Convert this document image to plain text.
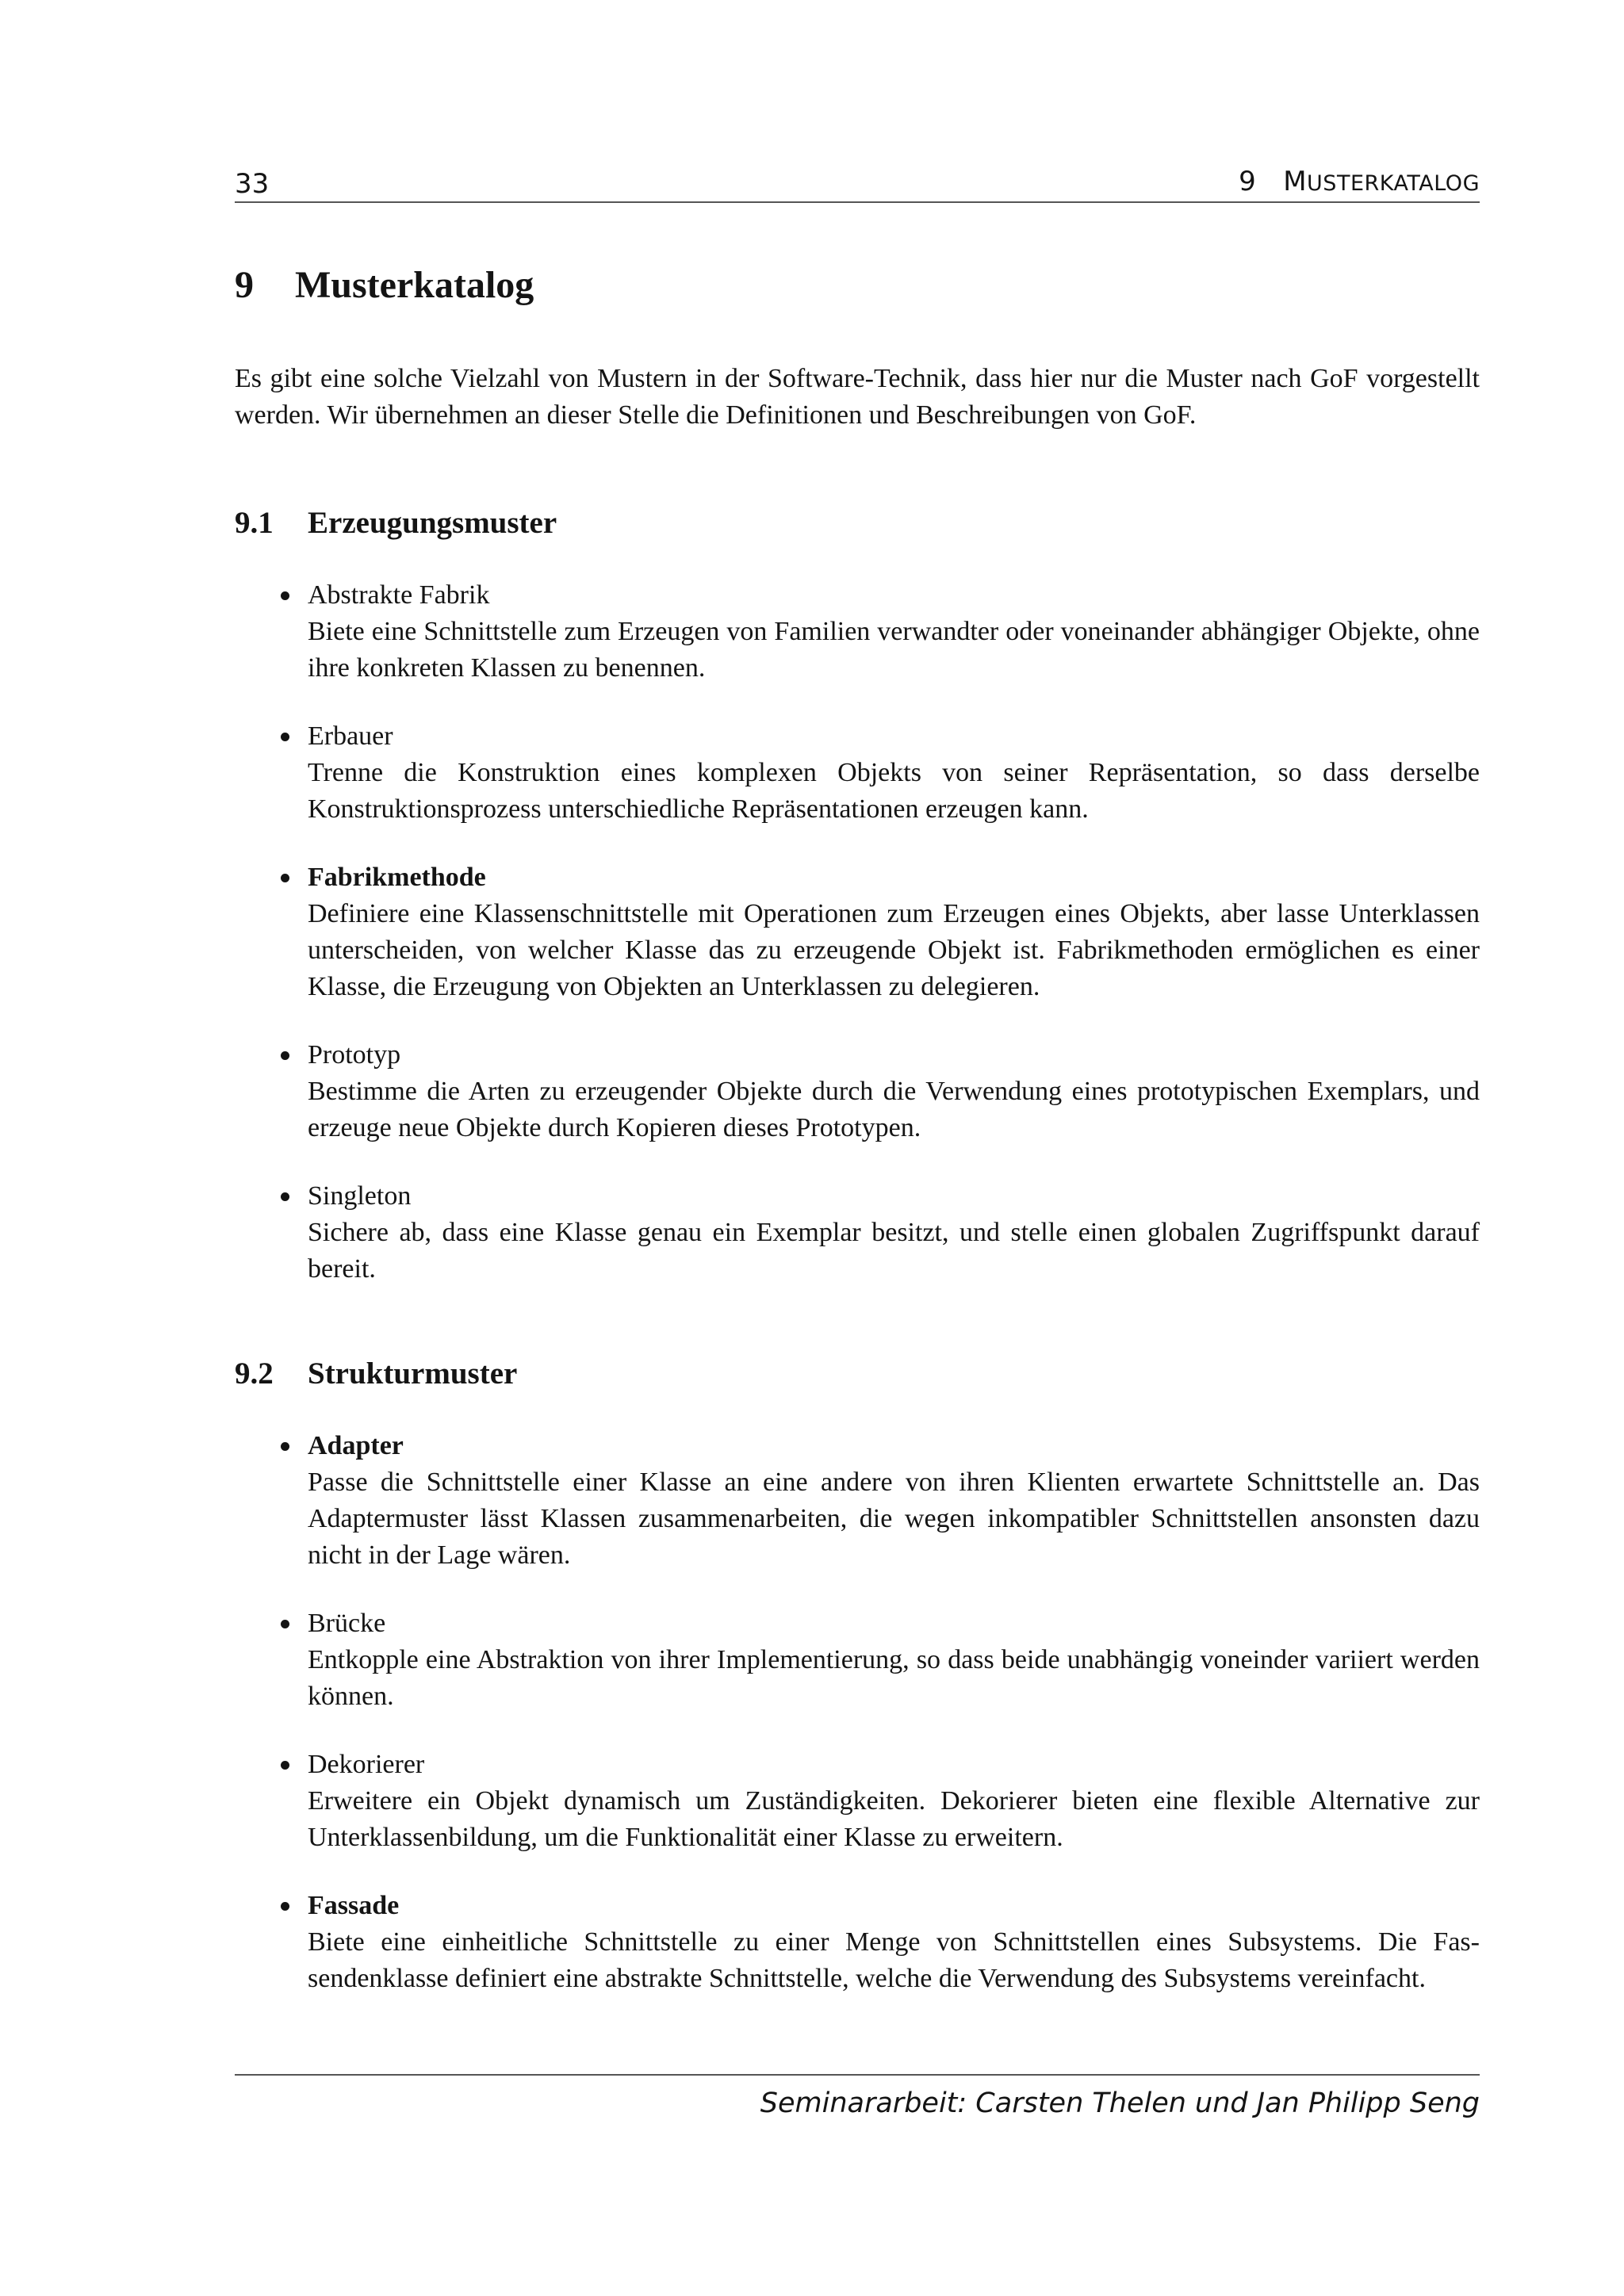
33	9 MUSTERKATALOG
9	Musterkatalog

Es gibt eine solche Vielzahl von Mustern in der Software-Technik, dass hier nur die Muster nach GoF vorgestellt werden. Wir übernehmen an dieser Stelle die Definitionen und Beschreibungen von GoF.

9.1	Erzeugungsmuster
Abstrakte Fabrik
Biete eine Schnittstelle zum Erzeugen von Familien verwandter oder voneinander abhängiger Objekte, ohne ihre konkreten Klassen zu benennen.
Erbauer
Trenne die Konstruktion eines komplexen Objekts von seiner Repräsentation, so dass derselbe Konstruktionsprozess unterschiedliche Repräsentationen erzeugen kann.
Fabrikmethode
Definiere eine Klassenschnittstelle mit Operationen zum Erzeugen eines Objekts, aber lasse Unterklassen unterscheiden, von welcher Klasse das zu erzeugende Objekt ist. Fabrikmethoden ermöglichen es einer Klasse, die Erzeugung von Objekten an Unterklassen zu delegieren.
Prototyp
Bestimme die Arten zu erzeugender Objekte durch die Verwendung eines prototypischen Exemplars, und erzeuge neue Objekte durch Kopieren dieses Prototypen.
Singleton
Sichere ab, dass eine Klasse genau ein Exemplar besitzt, und stelle einen globalen Zugriffspunkt darauf bereit.
9.2	Strukturmuster
Adapter
Passe die Schnittstelle einer Klasse an eine andere von ihren Klienten erwartete Schnittstelle an. Das Adaptermuster lässt Klassen zusammenarbeiten, die wegen inkompatibler Schnittstellen ansonsten dazu nicht in der Lage wären.
Brücke
Entkopple eine Abstraktion von ihrer Implementierung, so dass beide unabhängig voneinder variiert werden können.
Dekorierer
Erweitere ein Objekt dynamisch um Zuständigkeiten. Dekorierer bieten eine flexible Alternative zur Unterklassenbildung, um die Funktionalität einer Klasse zu erweitern.
Fassade
Biete eine einheitliche Schnittstelle zu einer Menge von Schnittstellen eines Subsystems. Die Fassendenklasse definiert eine abstrakte Schnittstelle, welche die Verwendung des Subsystems vereinfacht.
Seminararbeit: Carsten Thelen und Jan Philipp Seng
